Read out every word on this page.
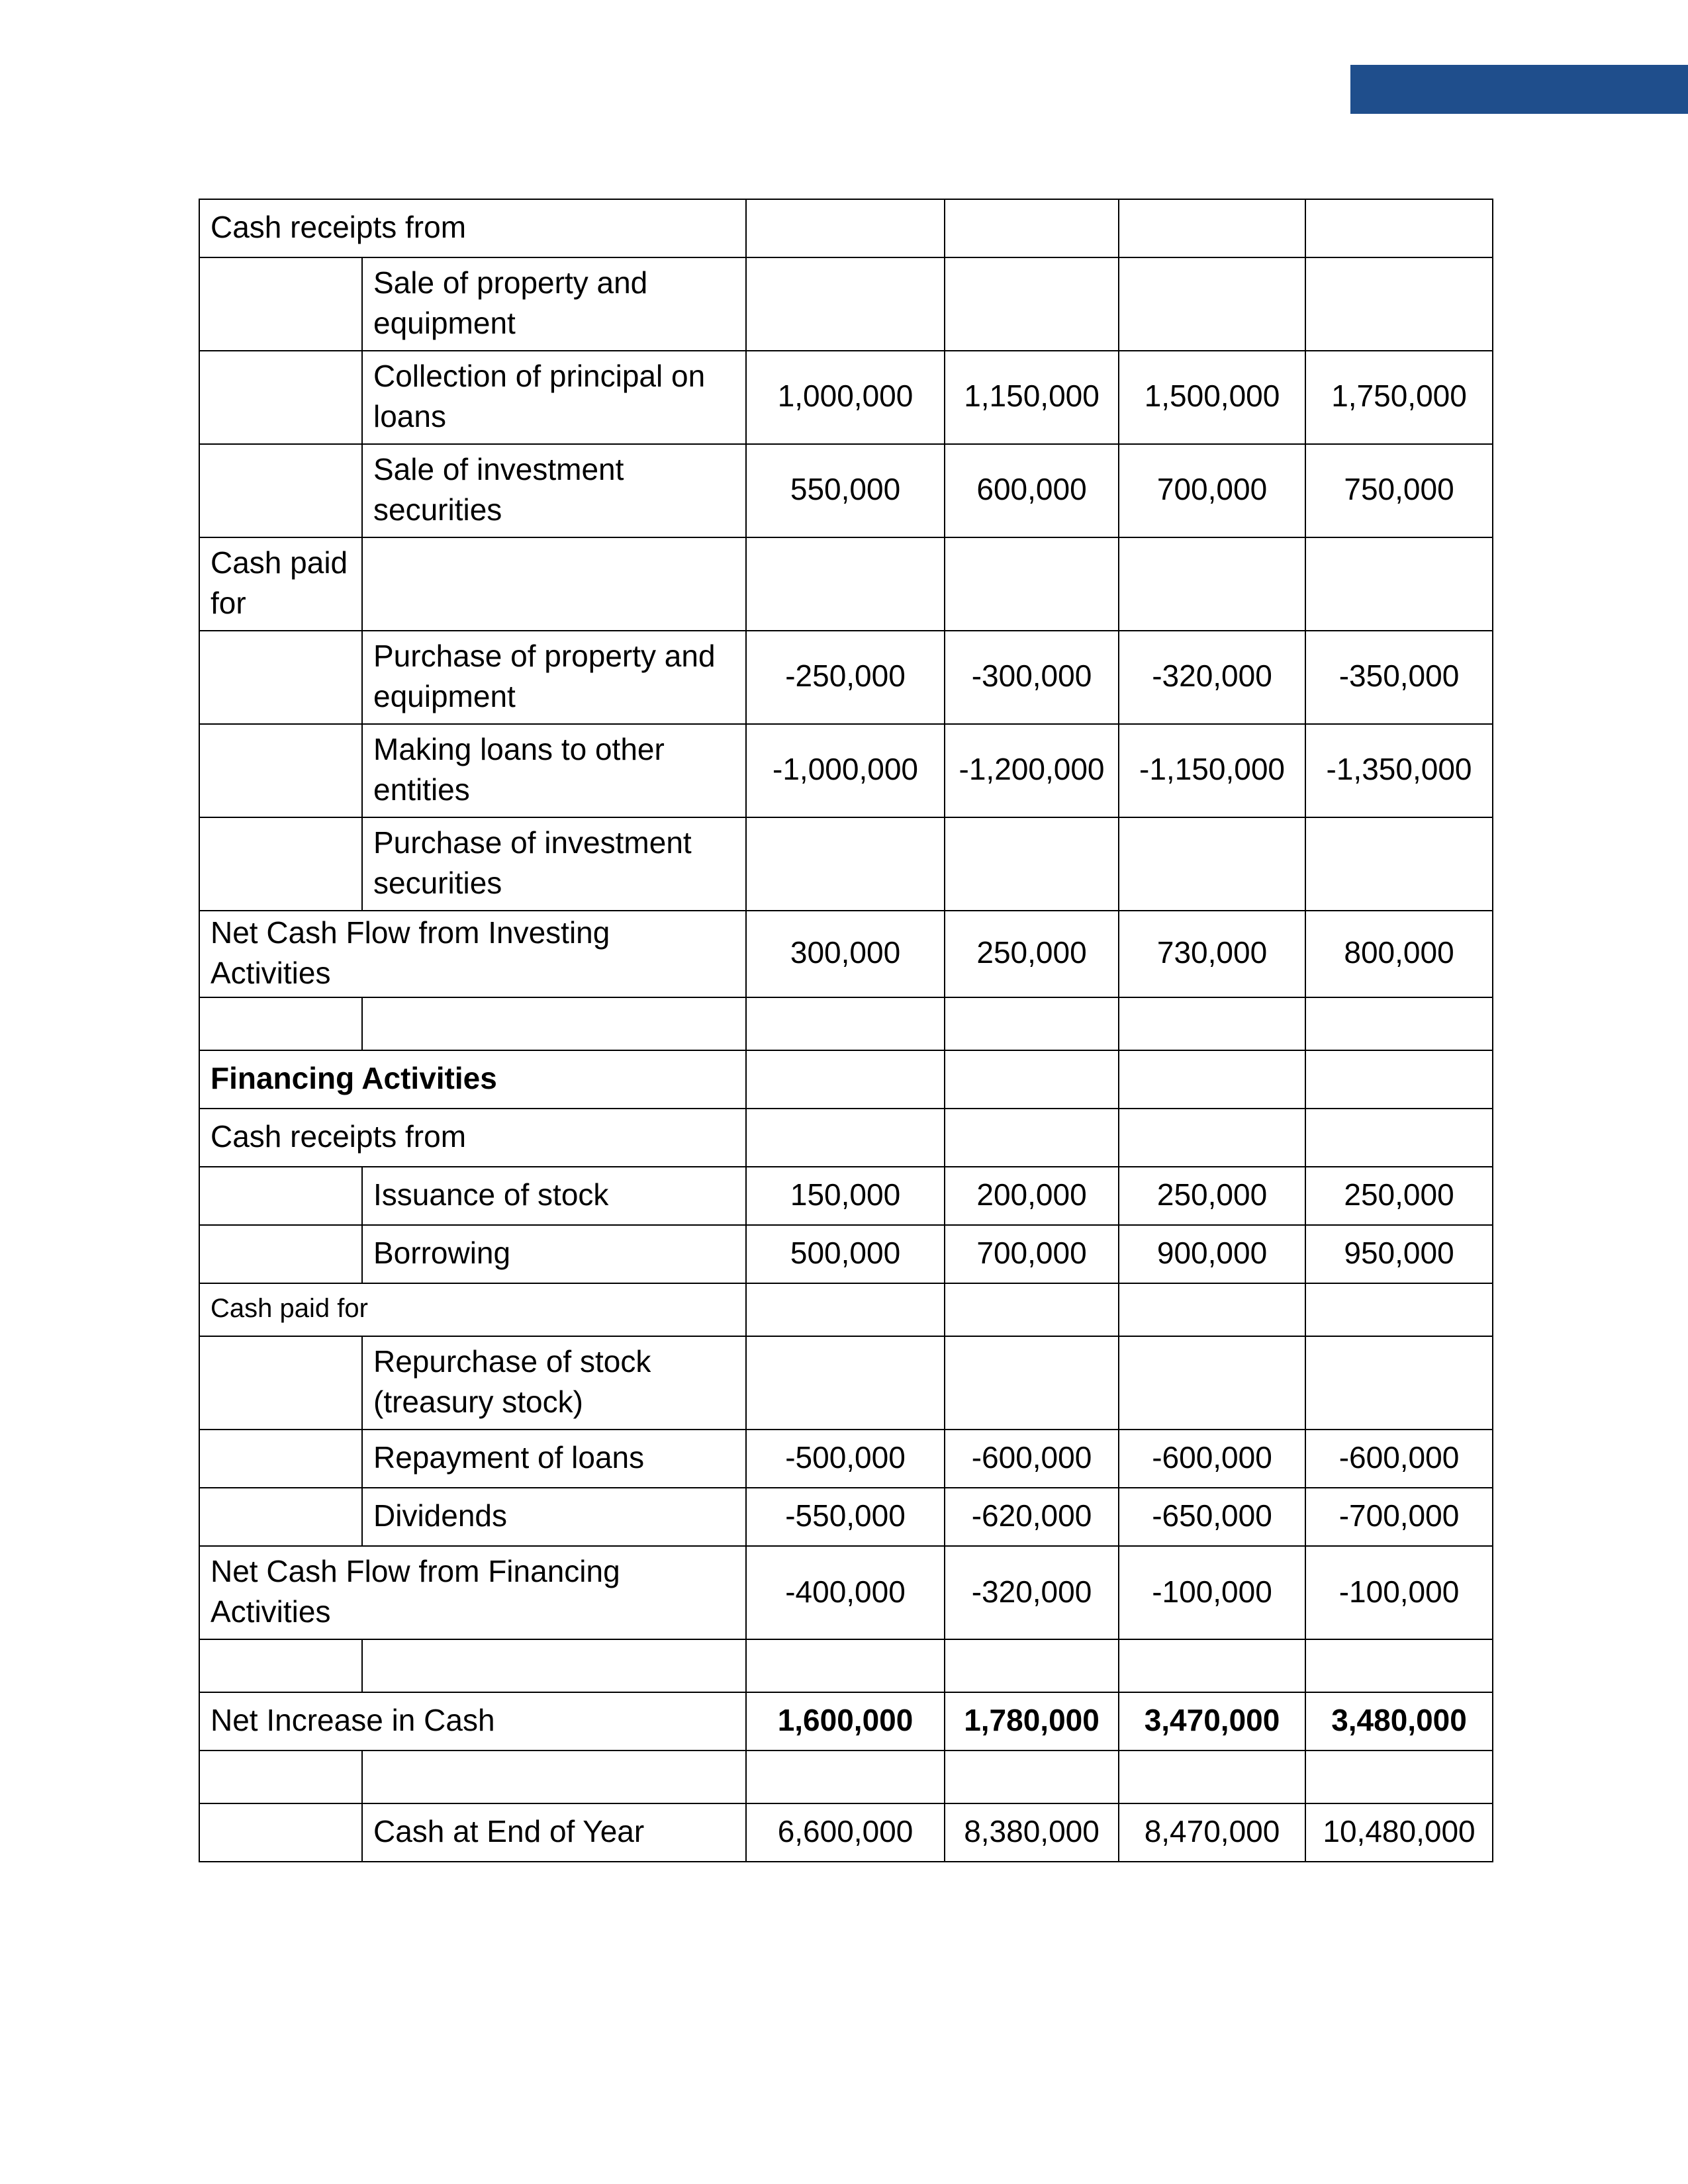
Cash receipts from					
	Sale of property and equipment				
	Collection of principal on loans	1,000,000	1,150,000	1,500,000	1,750,000
	Sale of investment securities	550,000	600,000	700,000	750,000
Cash paid for					
	Purchase of property and equipment	-250,000	-300,000	-320,000	-350,000
	Making loans to other entities	-1,000,000	-1,200,000	-1,150,000	-1,350,000
	Purchase of investment securities				
Net Cash Flow from Investing Activities		300,000	250,000	730,000	800,000

Financing Activities					
Cash receipts from					
	Issuance of stock	150,000	200,000	250,000	250,000
	Borrowing	500,000	700,000	900,000	950,000
Cash paid for					
	Repurchase of stock (treasury stock)				
	Repayment of loans	-500,000	-600,000	-600,000	-600,000
	Dividends	-550,000	-620,000	-650,000	-700,000
Net Cash Flow from Financing Activities		-400,000	-320,000	-100,000	-100,000

Net Increase in Cash		1,600,000	1,780,000	3,470,000	3,480,000

	Cash at End of Year	6,600,000	8,380,000	8,470,000	10,480,000
